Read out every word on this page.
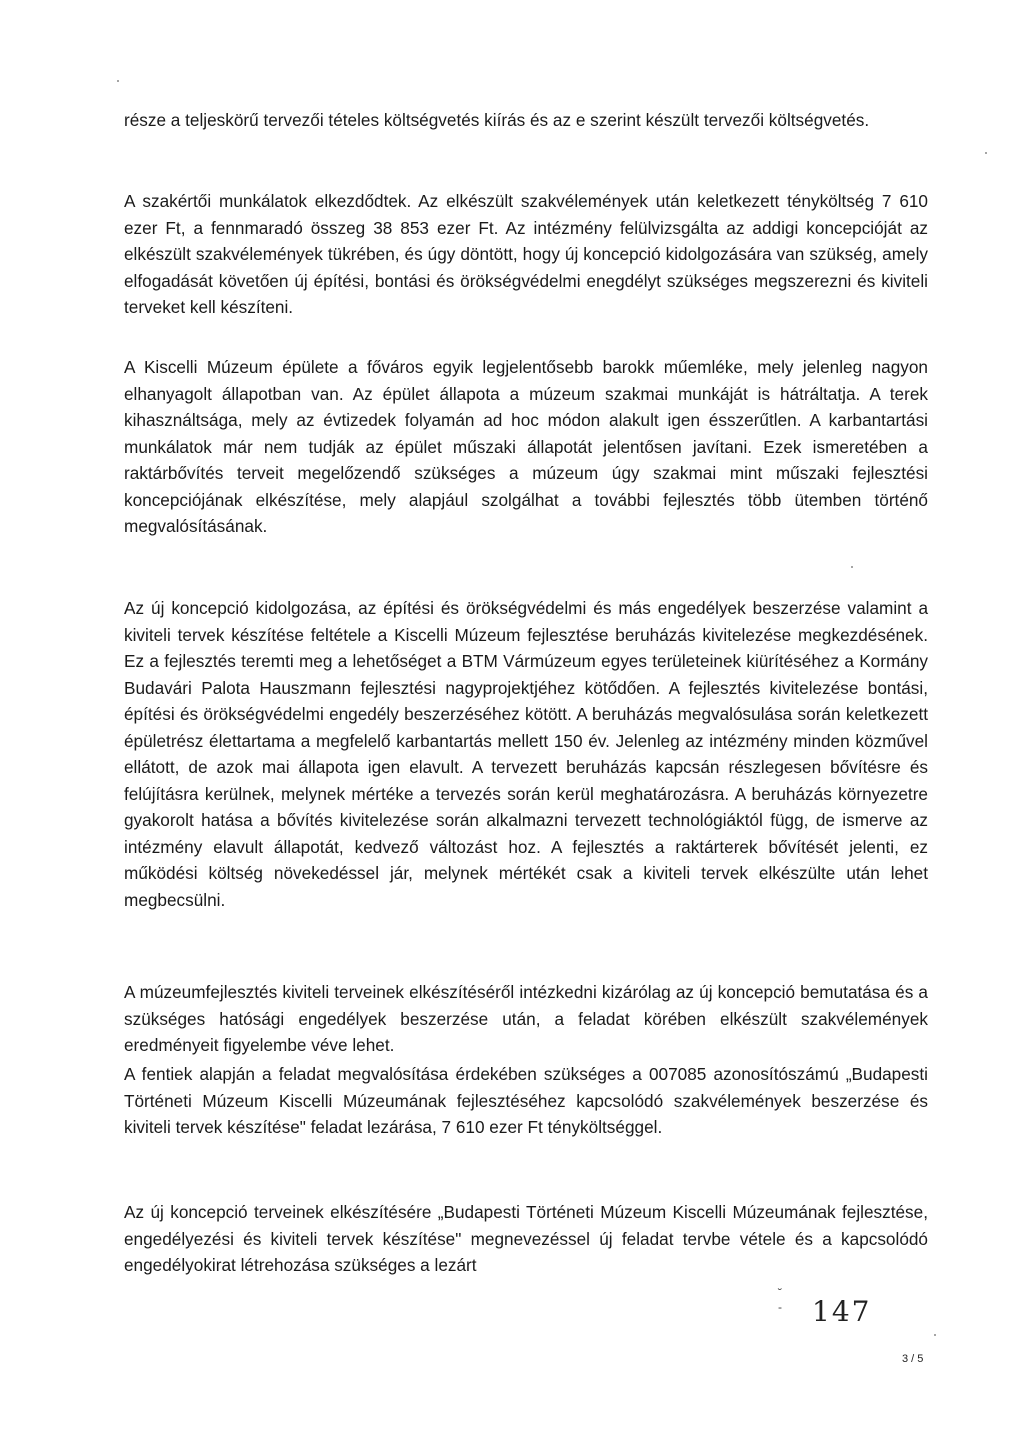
része a teljeskörű tervezői tételes költségvetés kiírás és az e szerint készült tervezői költségvetés.

A szakértői munkálatok elkezdődtek. Az elkészült szakvélemények után keletkezett tényköltség 7 610 ezer Ft, a fennmaradó összeg 38 853 ezer Ft. Az intézmény felülvizsgálta az addigi koncepcióját az elkészült szakvélemények tükrében, és úgy döntött, hogy új koncepció kidolgozására van szükség, amely elfogadását követően új építési, bontási és örökségvédelmi enegdélyt szükséges megszerezni és kiviteli terveket kell készíteni.

A Kiscelli Múzeum épülete a főváros egyik legjelentősebb barokk műemléke, mely jelenleg nagyon elhanyagolt állapotban van. Az épület állapota a múzeum szakmai munkáját is hátráltatja. A terek kihasználtsága, mely az évtizedek folyamán ad hoc módon alakult igen ésszerűtlen. A karbantartási munkálatok már nem tudják az épület műszaki állapotát jelentősen javítani. Ezek ismeretében a raktárbővítés terveit megelőzendő szükséges a múzeum úgy szakmai mint műszaki fejlesztési koncepciójának elkészítése, mely alapjául szolgálhat a további fejlesztés több ütemben történő megvalósításának.

Az új koncepció kidolgozása, az építési és örökségvédelmi és más engedélyek beszerzése valamint a kiviteli tervek készítése feltétele a Kiscelli Múzeum fejlesztése beruházás kivitelezése megkezdésének. Ez a fejlesztés teremti meg a lehetőséget a BTM Vármúzeum egyes területeinek kiürítéséhez a Kormány Budavári Palota Hauszmann fejlesztési nagyprojektjéhez kötődően. A fejlesztés kivitelezése bontási, építési és örökségvédelmi engedély beszerzéséhez kötött. A beruházás megvalósulása során keletkezett épületrész élettartama a megfelelő karbantartás mellett 150 év. Jelenleg az intézmény minden közművel ellátott, de azok mai állapota igen elavult. A tervezett beruházás kapcsán részlegesen bővítésre és felújításra kerülnek, melynek mértéke a tervezés során kerül meghatározásra. A beruházás környezetre gyakorolt hatása a bővítés kivitelezése során alkalmazni tervezett technológiáktól függ, de ismerve az intézmény elavult állapotát, kedvező változást hoz. A fejlesztés a raktárterek bővítését jelenti, ez működési költség növekedéssel jár, melynek mértékét csak a kiviteli tervek elkészülte után lehet megbecsülni.

A múzeumfejlesztés kiviteli terveinek elkészítéséről intézkedni kizárólag az új koncepció bemutatása és a szükséges hatósági engedélyek beszerzése után, a feladat körében elkészült szakvélemények eredményeit figyelembe véve lehet.

A fentiek alapján a feladat megvalósítása érdekében szükséges a 007085 azonosítószámú „Budapesti Történeti Múzeum Kiscelli Múzeumának fejlesztéséhez kapcsolódó szakvélemények beszerzése és kiviteli tervek készítése" feladat lezárása, 7 610 ezer Ft tényköltséggel.

Az új koncepció terveinek elkészítésére „Budapesti Történeti Múzeum Kiscelli Múzeumának fejlesztése, engedélyezési és kiviteli tervek készítése" megnevezéssel új feladat tervbe vétele és a kapcsolódó engedélyokirat létrehozása szükséges a lezárt

˘
‐ 147
3 / 5
